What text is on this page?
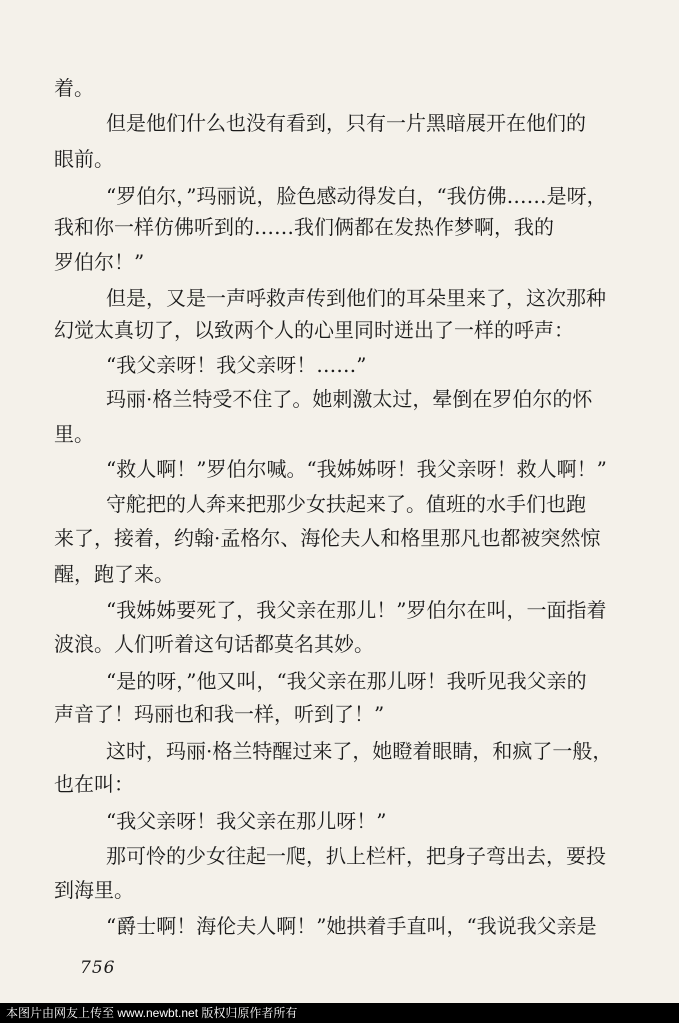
着。
但是他们什么也没有看到，只有一片黑暗展开在他们的
眼前。
“罗伯尔，”玛丽说，脸色感动得发白，“我仿佛……是呀，
我和你一样仿佛听到的……我们俩都在发热作梦啊，我的
罗伯尔！”
但是，又是一声呼救声传到他们的耳朵里来了，这次那种
幻觉太真切了，以致两个人的心里同时迸出了一样的呼声：
“我父亲呀！我父亲呀！……”
玛丽·格兰特受不住了。她刺激太过，晕倒在罗伯尔的怀
里。
“救人啊！”罗伯尔喊。“我姊姊呀！我父亲呀！救人啊！”
守舵把的人奔来把那少女扶起来了。值班的水手们也跑
来了，接着，约翰·孟格尔、海伦夫人和格里那凡也都被突然惊
醒，跑了来。
“我姊姊要死了，我父亲在那儿！”罗伯尔在叫，一面指着
波浪。人们听着这句话都莫名其妙。
“是的呀，”他又叫，“我父亲在那儿呀！我听见我父亲的
声音了！玛丽也和我一样，听到了！”
这时，玛丽·格兰特醒过来了，她瞪着眼睛，和疯了一般，
也在叫：
“我父亲呀！我父亲在那儿呀！”
那可怜的少女往起一爬，扒上栏杆，把身子弯出去，要投
到海里。
“爵士啊！海伦夫人啊！”她拱着手直叫，“我说我父亲是
756
本图片由网友上传至 www.newbt.net 版权归原作者所有
